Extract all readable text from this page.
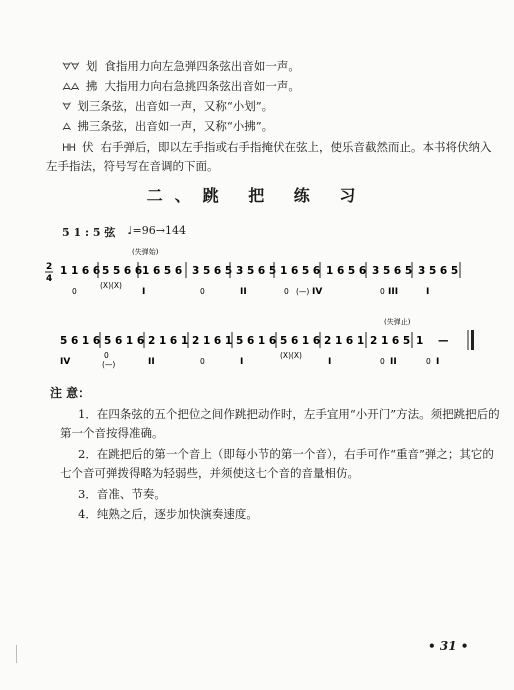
ᗊᗊ 划 食指用力向左急弹四条弦出音如一声。
ᗋᗋ 拂 大指用力向右急挑四条弦出音如一声。
ᗊ 划三条弦，出音如一声，又称“小划”。
ᗋ 拂三条弦，出音如一声，又称“小拂”。
ᕼᕼ 伏 右手弹后，即以左手指或右手指掩伏在弦上，使乐音截然而止。本书将伏纳入
左手指法，符号写在音调的下面。
二、跳 把 练 习
5 1 : 5 弦 ♩=96→144
(失弹始)
2
4
1 1 6 6 5 5 6 6 1 6 5 6 3 5 6 5 3 5 6 5 1 6 5 6 1 6 5 6 3 5 6 5 3 5 6 5
0
(X)(X)
I	0	II	0 (—) IV	0 III	I
(失弹止)
5 6 1 6 5 6 1 6 2 1 6 1 2 1 6 1 5 6 1 6 5 6 1 6 2 1 6 1 2 1 6 5 1 —
IV
0
(—)	II	0	I
(X)(X)
I	0 II	0 I
注 意：
1．在四条弦的五个把位之间作跳把动作时，左手宜用“小开门”方法。须把跳把后的
第一个音按得准确。
2．在跳把后的第一个音上（即每小节的第一个音），右手可作“重音”弹之；其它的
七个音可弹拨得略为轻弱些，并须使这七个音的音量相仿。
3．音准、节奏。
4．纯熟之后，逐步加快演奏速度。
• 31 •
